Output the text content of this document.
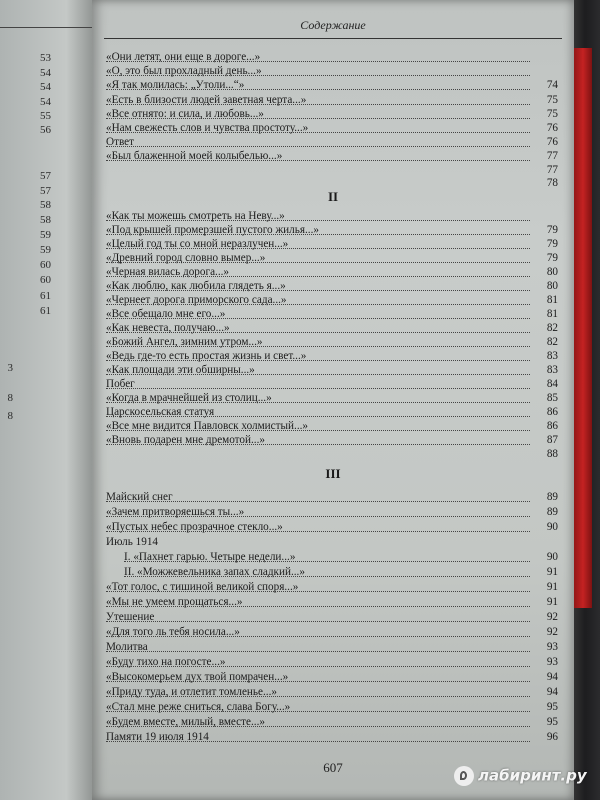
53
54
54
54
55
56
57
57
58
58
59
59
60
60
61
61
3
8
8
Содержание
«Они летят, они еще в дороге...»
«О, это был прохладный день...»
«Я так молилась: „Утоли...“»	74
«Есть в близости людей заветная черта...»	75
«Все отнято: и сила, и любовь...»	75
«Нам свежесть слов и чувства простоту...»	76
Ответ	76
«Был блаженной моей колыбелью...»	77
77
78
II
«Как ты можешь смотреть на Неву...»
«Под крышей промерзшей пустого жилья...»	79
«Целый год ты со мной неразлучен...»	79
«Древний город словно вымер...»	79
«Черная вилась дорога...»	80
«Как люблю, как любила глядеть я...»	80
«Чернеет дорога приморского сада...»	81
«Все обещало мне его...»	81
«Как невеста, получаю...»	82
«Божий Ангел, зимним утром...»	82
«Ведь где-то есть простая жизнь и свет...»	83
«Как площади эти обширны...»	83
Побег	84
«Когда в мрачнейшей из столиц...»	85
Царскосельская статуя	86
«Все мне видится Павловск холмистый...»	86
«Вновь подарен мне дремотой...»	87
88
III
Майский снег	89
«Зачем притворяешься ты...»	89
«Пустых небес прозрачное стекло...»	90
Июль 1914
I. «Пахнет гарью. Четыре недели...»	90
II. «Можжевельника запах сладкий...»	91
«Тот голос, с тишиной великой споря...»	91
«Мы не умеем прощаться...»	91
Утешение	92
«Для того ль тебя носила...»	92
Молитва	93
«Буду тихо на погосте...»	93
«Высокомерьем дух твой помрачен...»	94
«Приду туда, и отлетит томленье...»	94
«Стал мне реже сниться, слава Богу...»	95
«Будем вместе, милый, вместе...»	95
Памяти 19 июля 1914	96
607	лабиринт.ру
